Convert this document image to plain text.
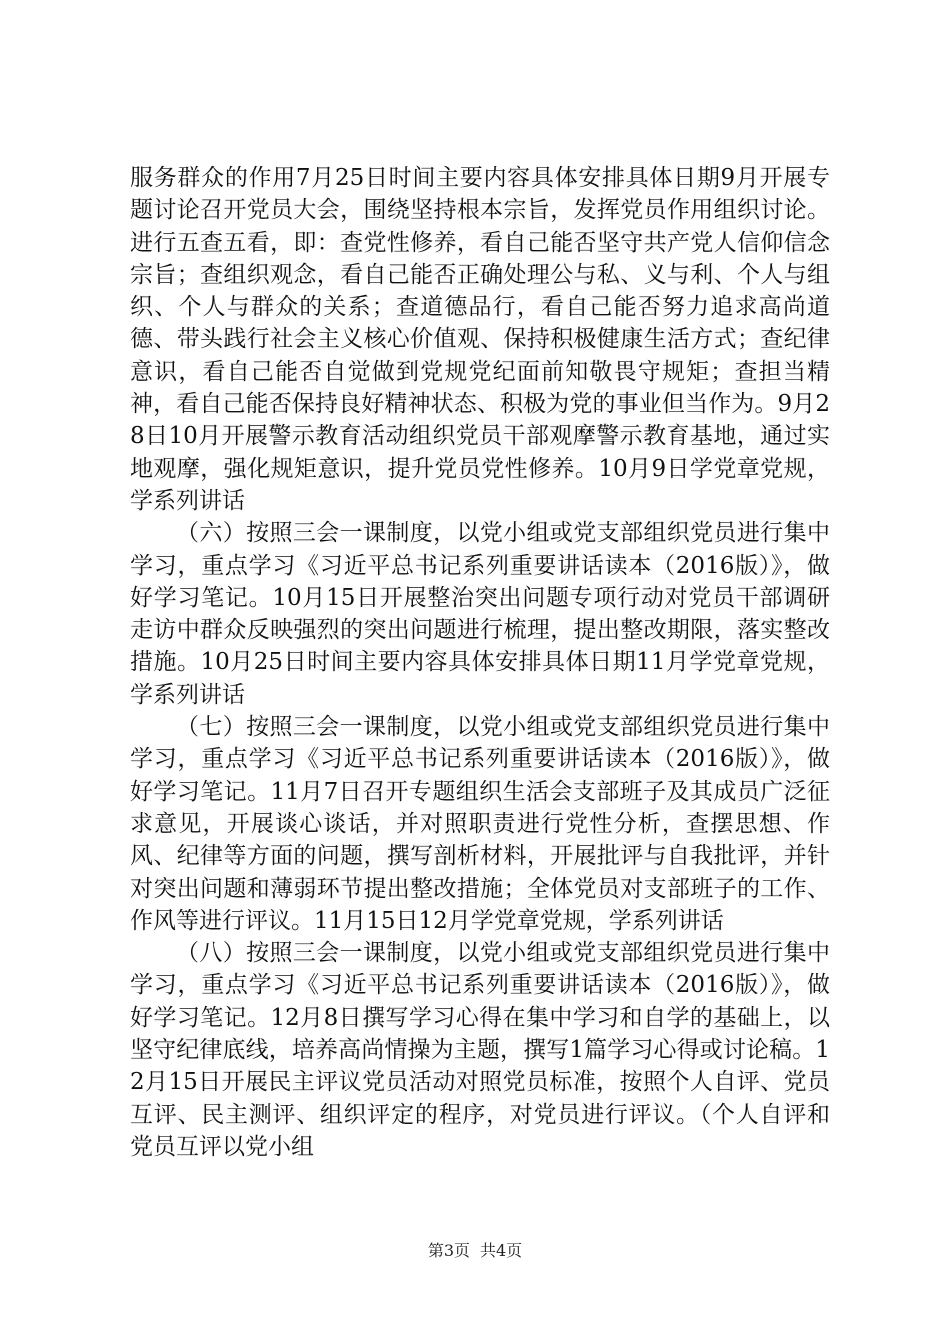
服务群众的作用7月25日时间主要内容具体安排具体日期9月开展专题讨论召开党员大会，围绕坚持根本宗旨，发挥党员作用组织讨论。进行五查五看，即：查党性修养，看自己能否坚守共产党人信仰信念宗旨；查组织观念，看自己能否正确处理公与私、义与利、个人与组织、个人与群众的关系；查道德品行，看自己能否努力追求高尚道德、带头践行社会主义核心价值观、保持积极健康生活方式；查纪律意识，看自己能否自觉做到党规党纪面前知敬畏守规矩；查担当精神，看自己能否保持良好精神状态、积极为党的事业但当作为。9月28日10月开展警示教育活动组织党员干部观摩警示教育基地，通过实地观摩，强化规矩意识，提升党员党性修养。10月9日学党章党规，学系列讲话

（六）按照三会一课制度，以党小组或党支部组织党员进行集中学习，重点学习《习近平总书记系列重要讲话读本（2016版）》，做好学习笔记。10月15日开展整治突出问题专项行动对党员干部调研走访中群众反映强烈的突出问题进行梳理，提出整改期限，落实整改措施。10月25日时间主要内容具体安排具体日期11月学党章党规，学系列讲话

（七）按照三会一课制度，以党小组或党支部组织党员进行集中学习，重点学习《习近平总书记系列重要讲话读本（2016版）》，做好学习笔记。11月7日召开专题组织生活会支部班子及其成员广泛征求意见，开展谈心谈话，并对照职责进行党性分析，查摆思想、作风、纪律等方面的问题，撰写剖析材料，开展批评与自我批评，并针对突出问题和薄弱环节提出整改措施；全体党员对支部班子的工作、作风等进行评议。11月15日12月学党章党规，学系列讲话

（八）按照三会一课制度，以党小组或党支部组织党员进行集中学习，重点学习《习近平总书记系列重要讲话读本（2016版）》，做好学习笔记。12月8日撰写学习心得在集中学习和自学的基础上，以坚守纪律底线，培养高尚情操为主题，撰写1篇学习心得或讨论稿。12月15日开展民主评议党员活动对照党员标准，按照个人自评、党员互评、民主测评、组织评定的程序，对党员进行评议。（个人自评和党员互评以党小组

第3页 共4页
